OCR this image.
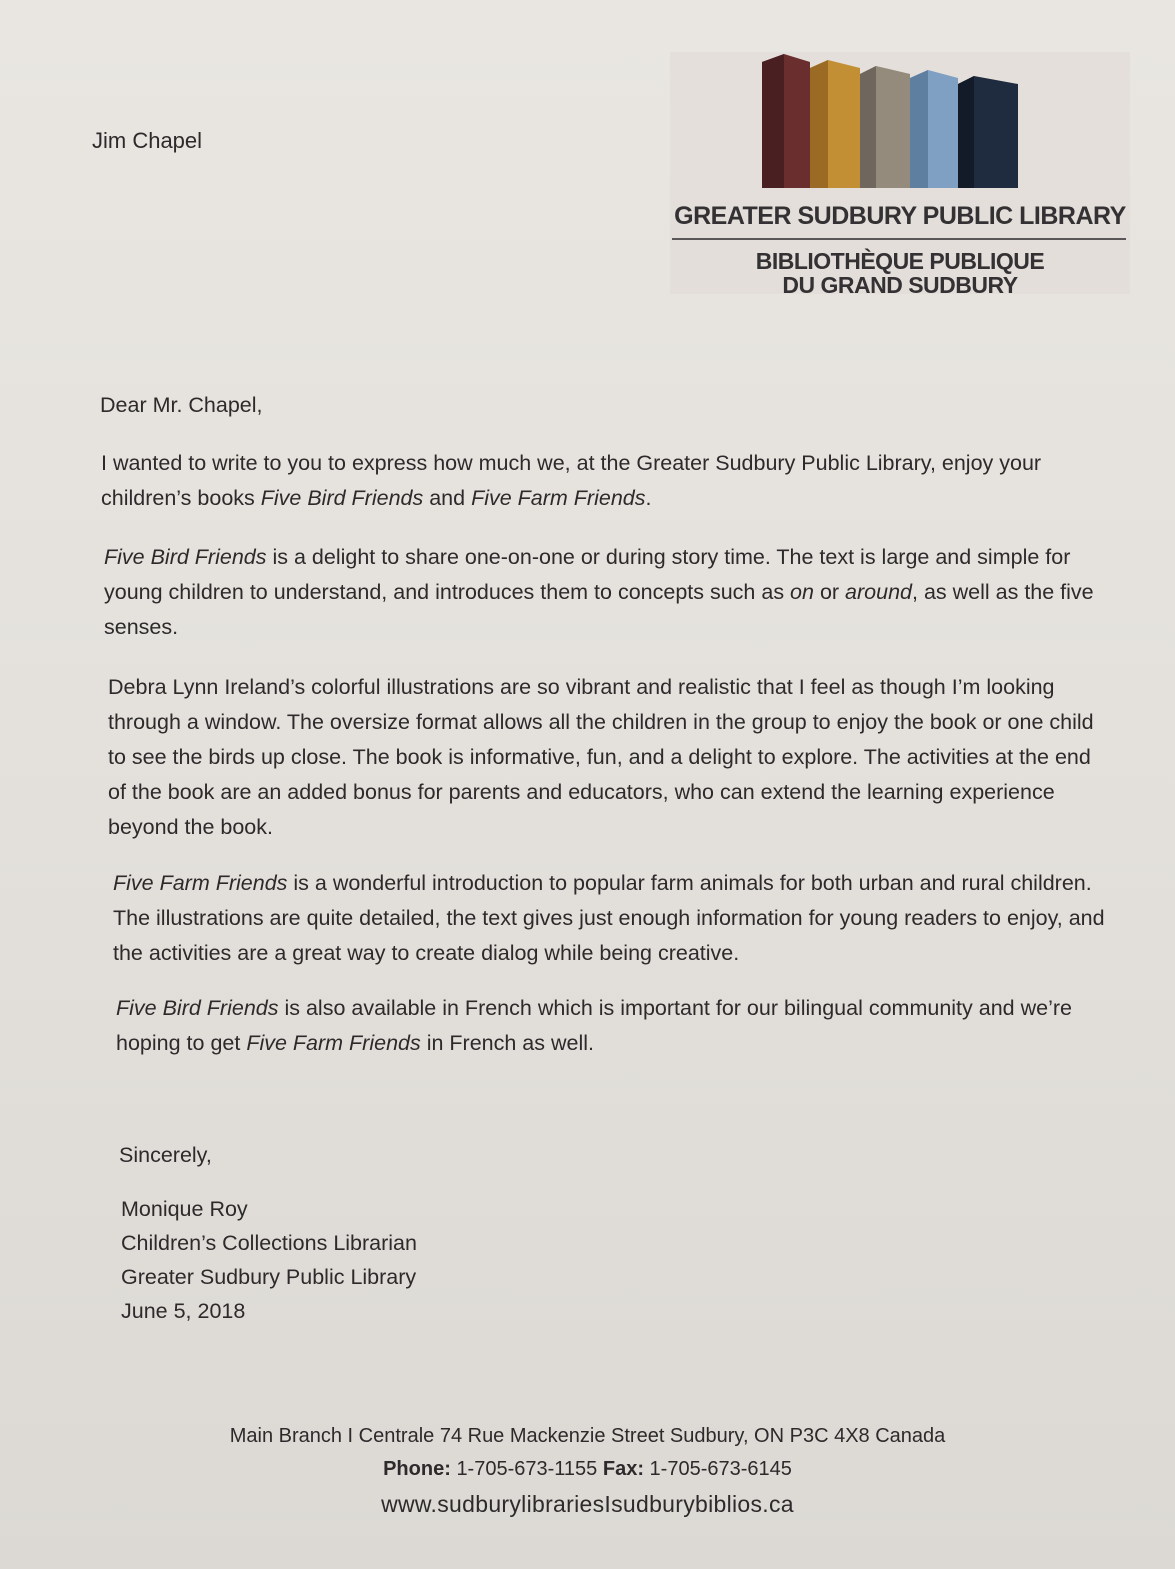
Jim Chapel
GREATER SUDBURY PUBLIC LIBRARY
BIBLIOTHÈQUE PUBLIQUE
DU GRAND SUDBURY

Dear Mr. Chapel,

I wanted to write to you to express how much we, at the Greater Sudbury Public Library, enjoy your children’s books Five Bird Friends and Five Farm Friends.

Five Bird Friends is a delight to share one-on-one or during story time. The text is large and simple for young children to understand, and introduces them to concepts such as on or around, as well as the five senses.

Debra Lynn Ireland’s colorful illustrations are so vibrant and realistic that I feel as though I’m looking through a window. The oversize format allows all the children in the group to enjoy the book or one child to see the birds up close. The book is informative, fun, and a delight to explore. The activities at the end of the book are an added bonus for parents and educators, who can extend the learning experience beyond the book.

Five Farm Friends is a wonderful introduction to popular farm animals for both urban and rural children. The illustrations are quite detailed, the text gives just enough information for young readers to enjoy, and the activities are a great way to create dialog while being creative.

Five Bird Friends is also available in French which is important for our bilingual community and we’re hoping to get Five Farm Friends in French as well.

Sincerely,

Monique Roy
Children’s Collections Librarian
Greater Sudbury Public Library
June 5, 2018
Main Branch I Centrale 74 Rue Mackenzie Street Sudbury, ON P3C 4X8 Canada
Phone: 1-705-673-1155 Fax: 1-705-673-6145
www.sudburylibrariesIsudburybiblios.ca
